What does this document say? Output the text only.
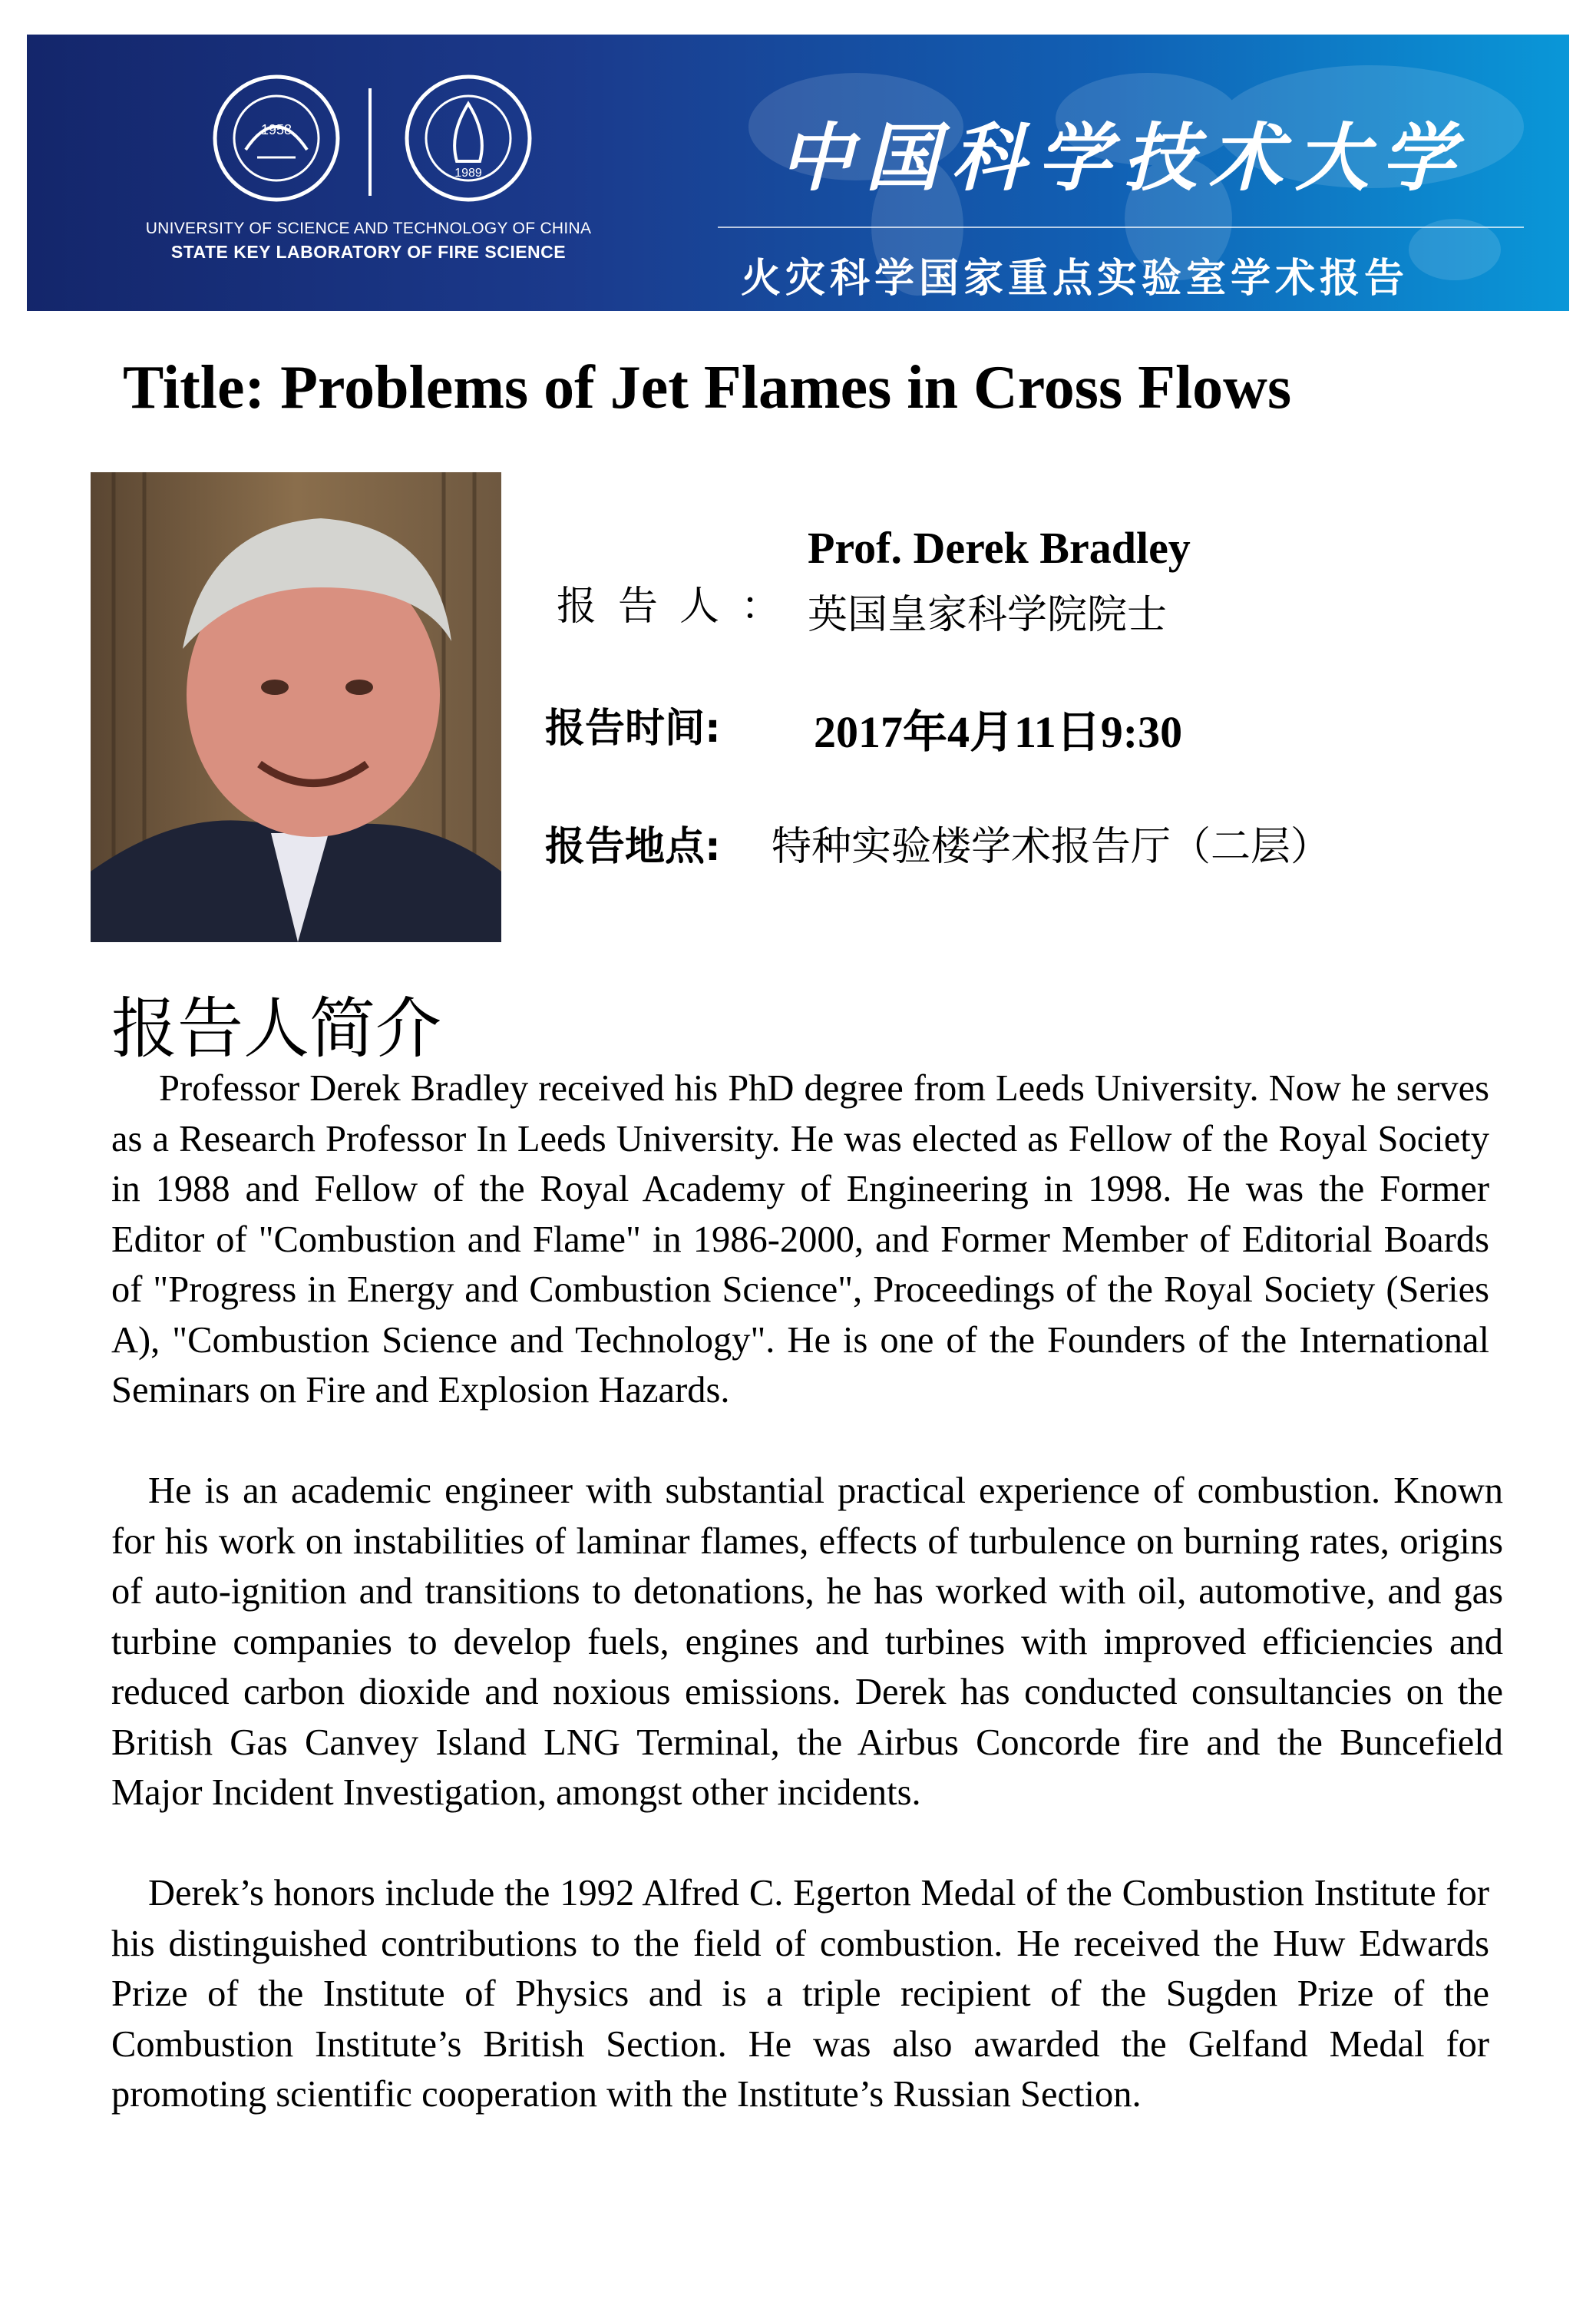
1958
1989
UNIVERSITY OF SCIENCE AND TECHNOLOGY OF CHINA
STATE KEY LABORATORY OF FIRE SCIENCE
中国科学技术大学
火灾科学国家重点实验室学术报告
Title: Problems of Jet Flames in Cross Flows
Prof. Derek Bradley
报告人： 英国皇家科学院院士
报告时间: 2017年4月11日9:30
报告地点: 特种实验楼学术报告厅（二层）
报告人简介

Professor Derek Bradley received his PhD degree from Leeds University. Now he serves as a Research Professor In Leeds University. He was elected as Fellow of the Royal Society in 1988 and Fellow of the Royal Academy of Engineering in 1998. He was the Former Editor of "Combustion and Flame" in 1986-2000, and Former Member of Editorial Boards of "Progress in Energy and Combustion Science", Proceedings of the Royal Society (Series A), "Combustion Science and Technology". He is one of the Founders of the International Seminars on Fire and Explosion Hazards.

He is an academic engineer with substantial practical experience of combustion. Known for his work on instabilities of laminar flames, effects of turbulence on burning rates, origins of auto-ignition and transitions to detonations, he has worked with oil, automotive, and gas turbine companies to develop fuels, engines and turbines with improved efficiencies and reduced carbon dioxide and noxious emissions. Derek has conducted consultancies on the British Gas Canvey Island LNG Terminal, the Airbus Concorde fire and the Buncefield Major Incident Investigation, amongst other incidents.

Derek’s honors include the 1992 Alfred C. Egerton Medal of the Combustion Institute for his distinguished contributions to the field of combustion. He received the Huw Edwards Prize of the Institute of Physics and is a triple recipient of the Sugden Prize of the Combustion Institute’s British Section. He was also awarded the Gelfand Medal for promoting scientific cooperation with the Institute’s Russian Section.
